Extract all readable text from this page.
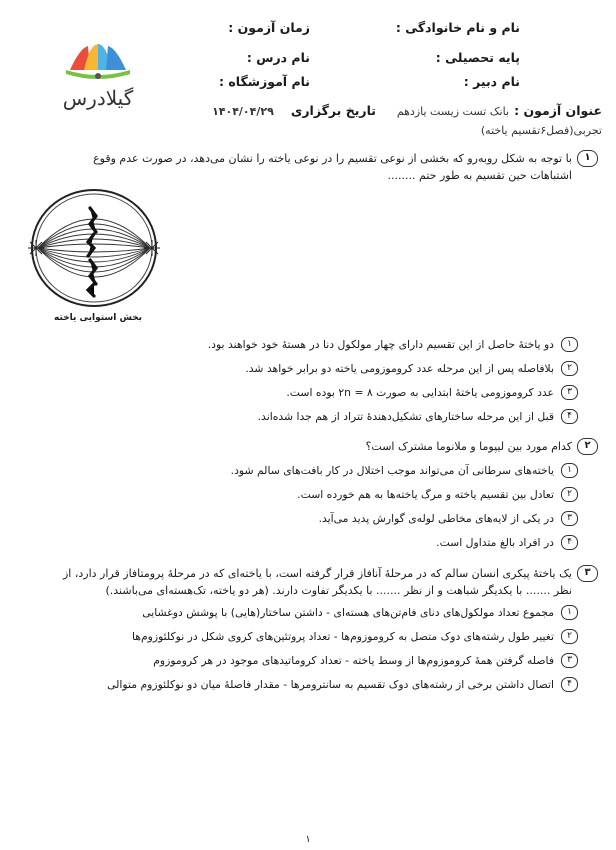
نام و نام خانوادگی :
زمان آزمون :
پایه تحصیلی :
نام درس :
نام دبیر :
نام آموزشگاه :
عنوان آزمون : بانک تست زیست یازدهم
تجربی(فصل۶تقسیم یاخته)
تاریخ برگزاری ۱۴۰۴/۰۴/۲۹
گیلادرس
۱
با توجه به شکل روبه‌رو که بخشی از نوعی تقسیم را در نوعی یاخته را نشان می‌دهد، در صورت عدم وقوع اشتباهات حین تقسیم به طور حتم ........
بخش استوایی یاخته
۱
دو یاختهٔ حاصل از این تقسیم دارای چهار مولکول دنا در هستهٔ خود خواهند بود.
۲
بلافاصله پس از این مرحله عدد کروموزومی یاخته دو برابر خواهد شد.
۳
عدد کروموزومی یاختهٔ ابتدایی به صورت ۲n = ۸ بوده است.
۴
قبل از این مرحله ساختارهای تشکیل‌دهندهٔ تتراد از هم جدا شده‌اند.
۲
کدام مورد بین لیپوما و ملانوما مشترک است؟
۱
یاخته‌های سرطانی آن می‌تواند موجب اختلال در کار بافت‌های سالم شود.
۲
تعادل بین تقسیم یاخته و مرگ یاخته‌ها به هم خورده است.
۳
در یکی از لایه‌های مخاطی لوله‌ی گوارش پدید می‌آید.
۴
در افراد بالغ متداول است.
۳
یک یاختهٔ پیکری انسان سالم که در مرحلهٔ آنافاز قرار گرفته است، با یاخته‌ای که در مرحلهٔ پرومتافاز قرار دارد، از نظر ....... با یکدیگر شباهت و از نظر ....... با یکدیگر تفاوت دارند. (هر دو یاخته، تک‌هسته‌ای می‌باشند.)
۱
مجموع تعداد مولکول‌های دنای فام‌تن‌های هسته‌ای - داشتن ساختار(هایی) با پوشش دوغشایی
۲
تغییر طول رشته‌های دوک متصل به کروموزوم‌ها - تعداد پروتئین‌های کروی شکل در نوکلئوزوم‌ها
۳
فاصله گرفتن همهٔ کروموزوم‌ها از وسط یاخته - تعداد کروماتیدهای موجود در هر کروموزوم
۴
اتصال داشتن برخی از رشته‌های دوک تقسیم به سانترومرها - مقدار فاصلهٔ میان دو نوکلئوزوم متوالی
۱
